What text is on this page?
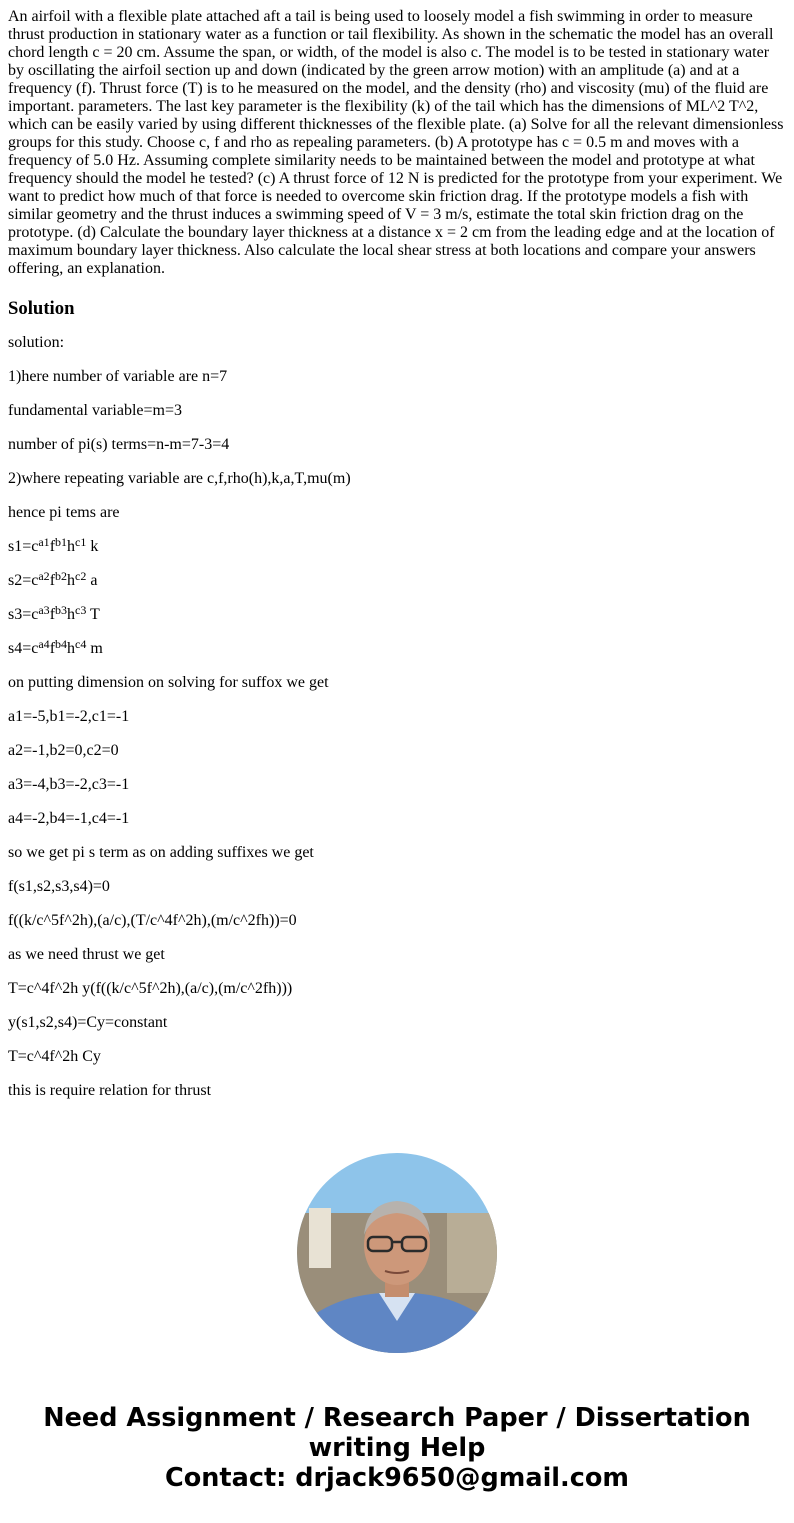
An airfoil with a flexible plate attached aft a tail is being used to loosely model a fish swimming in order to measure thrust production in stationary water as a function or tail flexibility. As shown in the schematic the model has an overall chord length c = 20 cm. Assume the span, or width, of the model is also c. The model is to be tested in stationary water by oscillating the airfoil section up and down (indicated by the green arrow motion) with an amplitude (a) and at a frequency (f). Thrust force (T) is to he measured on the model, and the density (rho) and viscosity (mu) of the fluid are important. parameters. The last key parameter is the flexibility (k) of the tail which has the dimensions of ML^2 T^2, which can be easily varied by using different thicknesses of the flexible plate. (a) Solve for all the relevant dimensionless groups for this study. Choose c, f and rho as repealing parameters. (b) A prototype has c = 0.5 m and moves with a frequency of 5.0 Hz. Assuming complete similarity needs to be maintained between the model and prototype at what frequency should the model he tested? (c) A thrust force of 12 N is predicted for the prototype from your experiment. We want to predict how much of that force is needed to overcome skin friction drag. If the prototype models a fish with similar geometry and the thrust induces a swimming speed of V = 3 m/s, estimate the total skin friction drag on the prototype. (d) Calculate the boundary layer thickness at a distance x = 2 cm from the leading edge and at the location of maximum boundary layer thickness. Also calculate the local shear stress at both locations and compare your answers offering, an explanation.

Solution

solution:

1)here number of variable are n=7

fundamental variable=m=3

number of pi(s) terms=n-m=7-3=4

2)where repeating variable are c,f,rho(h),k,a,T,mu(m)

hence pi tems are

$s1=c^{a1}f^{b1}h^{c1}$ k

$s2=c^{a2}f^{b2}h^{c2}$ a

$s3=c^{a3}f^{b3}h^{c3}$ T

$s4=c^{a4}f^{b4}h^{c4}$ m

on putting dimension on solving for suffox we get

a1=-5,b1=-2,c1=-1

a2=-1,b2=0,c2=0

a3=-4,b3=-2,c3=-1

a4=-2,b4=-1,c4=-1

so we get pi s term as on adding suffixes we get

f(s1,s2,s3,s4)=0

f((k/c^5f^2h),(a/c),(T/c^4f^2h),(m/c^2fh))=0

as we need thrust we get

T=c^4f^2h y(f((k/c^5f^2h),(a/c),(m/c^2fh)))

y(s1,s2,s4)=Cy=constant

T=c^4f^2h Cy

this is require relation for thrust

Need Assignment / Research Paper / Dissertation
writing Help
Contact: drjack9650@gmail.com
